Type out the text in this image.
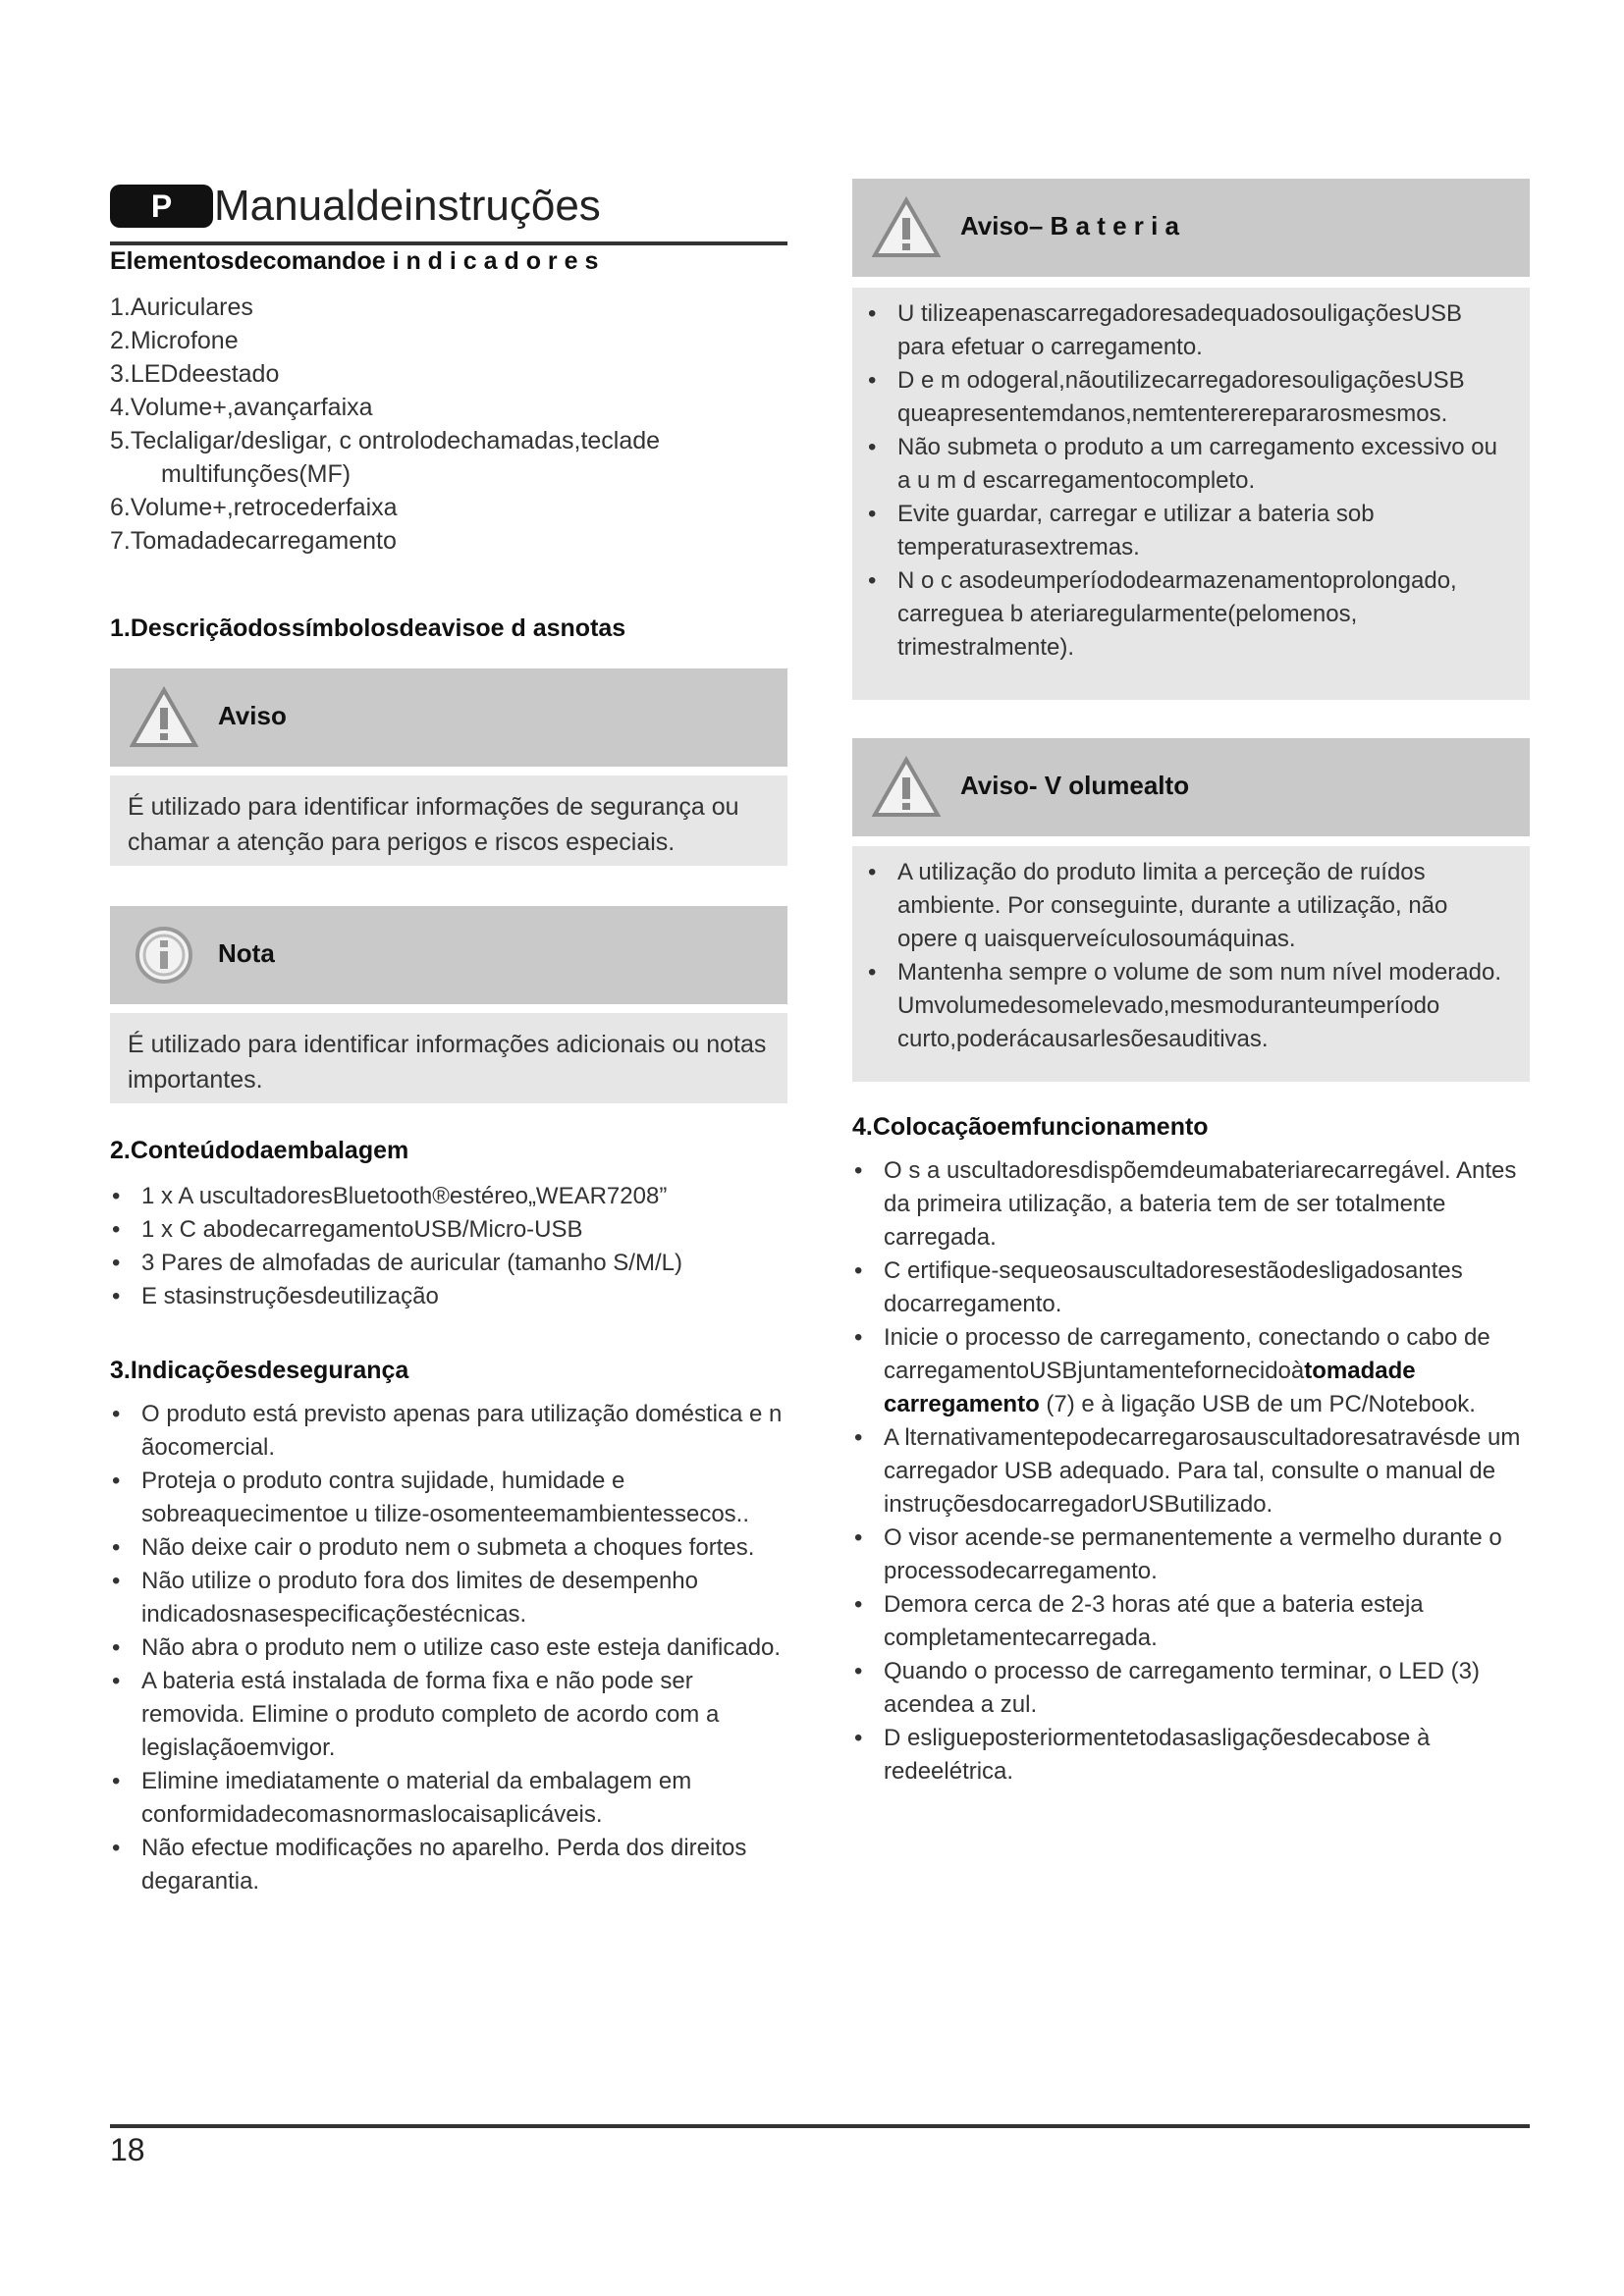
P Manualdeinstruções
Elementosdecomandoe i n d i c a d o r e s
1.Auriculares
2.Microfone
3.LEDdeestado
4.Volume+,avançarfaixa
5.Teclaligar/desligar, c ontrolodechamadas,teclade
multifunções(MF)
6.Volume+,retrocederfaixa
7.Tomadadecarregamento
1.Descriçãodossímbolosdeavisoe d asnotas
Aviso
É utilizado para identificar informações de segurança ou chamar a atenção para perigos e riscos especiais.
Nota
É utilizado para identificar informações adicionais ou notas importantes.
2.Conteúdodaembalagem
• 1 x A uscultadoresBluetooth®estéreo„WEAR7208”
• 1 x C abodecarregamentoUSB/Micro-USB
• 3 Pares de almofadas de auricular (tamanho S/M/L)
• E stasinstruçõesdeutilização
3.Indicaçõesdesegurança
• O produto está previsto apenas para utilização doméstica e n ãocomercial.
• Proteja o produto contra sujidade, humidade e sobreaquecimentoe u tilize-osomenteemambientessecos..
• Não deixe cair o produto nem o submeta a choques fortes.
• Não utilize o produto fora dos limites de desempenho indicadosnasespecificaçõestécnicas.
• Não abra o produto nem o utilize caso este esteja danificado.
• A bateria está instalada de forma fixa e não pode ser removida. Elimine o produto completo de acordo com a legislaçãoemvigor.
• Elimine imediatamente o material da embalagem em conformidadecomasnormaslocaisaplicáveis.
• Não efectue modificações no aparelho. Perda dos direitos degarantia.
Aviso– B a t e r i a
• U tilizeapenascarregadoresadequadosouligaçõesUSB para efetuar o carregamento.
• D e m odogeral,nãoutilizecarregadoresouligaçõesUSB queapresentemdanos,nemtentererepararosmesmos.
• Não submeta o produto a um carregamento excessivo ou a u m d escarregamentocompleto.
• Evite guardar, carregar e utilizar a bateria sob temperaturasextremas.
• N o c asodeumperíododearmazenamentoprolongado, carreguea b ateriaregularmente(pelomenos, trimestralmente).
Aviso- V olumealto
• A utilização do produto limita a perceção de ruídos ambiente. Por conseguinte, durante a utilização, não opere q uaisquerveículosoumáquinas.
• Mantenha sempre o volume de som num nível moderado. Umvolumedesomelevado,mesmoduranteumperíodo curto,poderácausarlesõesauditivas.
4.Colocaçãoemfuncionamento
• O s a uscultadoresdispõemdeumabateriarecarregável. Antes da primeira utilização, a bateria tem de ser totalmente carregada.
• C ertifique-sequeosauscultadoresestãodesligadosantes docarregamento.
• Inicie o processo de carregamento, conectando o cabo de carregamentoUSBjuntamentefornecidoàtomadade carregamento (7) e à ligação USB de um PC/Notebook.
• A lternativamentepodecarregarosauscultadoresatravésde um carregador USB adequado. Para tal, consulte o manual de instruçõesdocarregadorUSButilizado.
• O visor acende-se permanentemente a vermelho durante o processodecarregamento.
• Demora cerca de 2-3 horas até que a bateria esteja completamentecarregada.
• Quando o processo de carregamento terminar, o LED (3) acendea a zul.
• D esligueposteriormentetodasasligaçõesdecabose à redeelétrica.
18
